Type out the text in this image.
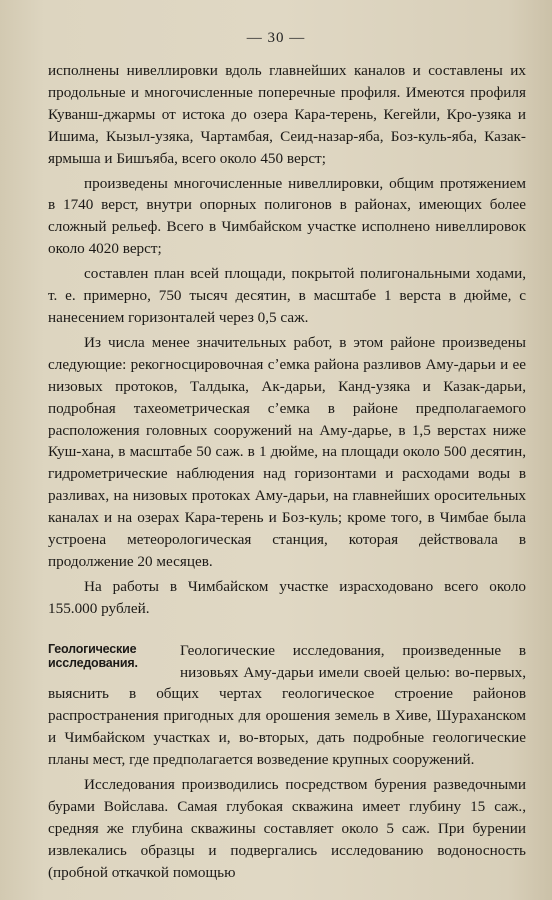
— 30 —

исполнены нивеллировки вдоль главнейших каналов и составлены их продольные и многочисленные поперечные профиля. Имеются профиля Куванш-джармы от истока до озера Кара-терень, Кегейли, Кро-узяка и Ишима, Кызыл-узяка, Чартамбая, Сеид-назар-яба, Боз-куль-яба, Казак-ярмыша и Бишъяба, всего около 450 верст;

произведены многочисленные нивеллировки, общим протяжением в 1740 верст, внутри опорных полигонов в районах, имеющих более сложный рельеф. Всего в Чимбайском участке исполнено нивеллировок около 4020 верст;

составлен план всей площади, покрытой полигональными ходами, т. е. примерно, 750 тысяч десятин, в масштабе 1 верста в дюйме, с нанесением горизонталей через 0,5 саж.

Из числа менее значительных работ, в этом районе произведены следующие: рекогносцировочная сʼемка района разливов Аму-дарьи и ее низовых протоков, Талдыка, Ак-дарьи, Канд-узяка и Казак-дарьи, подробная тахеометрическая сʼемка в районе предполагаемого расположения головных сооружений на Аму-дарье, в 1,5 верстах ниже Куш-хана, в масштабе 50 саж. в 1 дюйме, на площади около 500 десятин, гидрометрические наблюдения над горизонтами и расходами воды в разливах, на низовых протоках Аму-дарьи, на главнейших оросительных каналах и на озерах Кара-терень и Боз-куль; кроме того, в Чимбае была устроена метеорологическая станция, которая действовала в продолжение 20 месяцев.

На работы в Чимбайском участке израсходовано всего около 155.000 рублей.

Геологические
исследования.

Геологические исследования, произведенные в низовьях Аму-дарьи имели своей целью: во-первых, выяснить в общих чертах геологическое строение районов распространения пригодных для орошения земель в Хиве, Шураханском и Чимбайском участках и, во-вторых, дать подробные геологические планы мест, где предполагается возведение крупных сооружений.

Исследования производились посредством бурения разведочными бурами Войслава. Самая глубокая скважина имеет глубину 15 саж., средняя же глубина скважины составляет около 5 саж. При бурении извлекались образцы и подвергались исследованию водоносность (пробной откачкой помощью
